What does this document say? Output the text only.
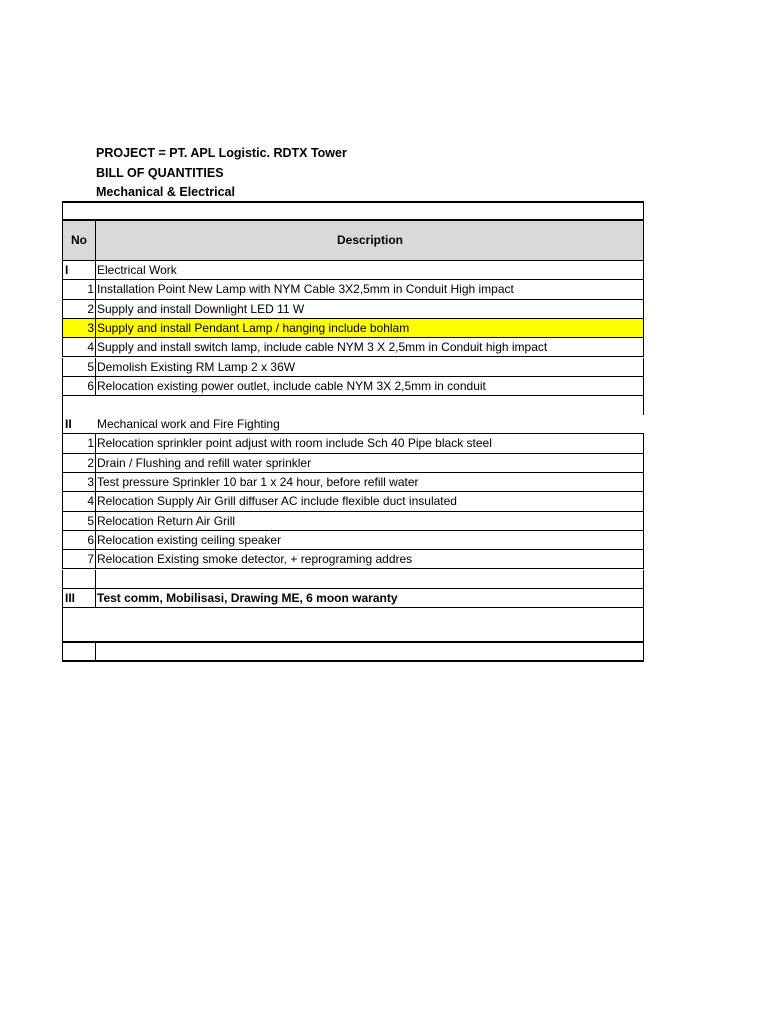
PROJECT = PT. APL Logistic. RDTX Tower
BILL OF QUANTITIES
Mechanical & Electrical
No	Description
I	Electrical Work
1 Installation Point New Lamp with NYM Cable 3X2,5mm in Conduit High impact
2 Supply and install Downlight LED 11 W
3 Supply and install Pendant Lamp / hanging include bohlam
4 Supply and install switch lamp, include cable NYM 3 X 2,5mm in Conduit high impact
5 Demolish Existing RM Lamp 2 x 36W
6 Relocation existing power outlet, include cable NYM 3X 2,5mm in conduit
II	Mechanical work and Fire Fighting
1 Relocation sprinkler point adjust with room include Sch 40 Pipe black steel
2 Drain / Flushing and refill water sprinkler
3 Test pressure Sprinkler 10 bar 1 x 24 hour, before refill water
4 Relocation Supply Air Grill diffuser AC include flexible duct insulated
5 Relocation Return Air Grill
6 Relocation existing ceiling speaker
7 Relocation Existing smoke detector, + reprograming addres
III	Test comm, Mobilisasi, Drawing ME, 6 moon waranty
